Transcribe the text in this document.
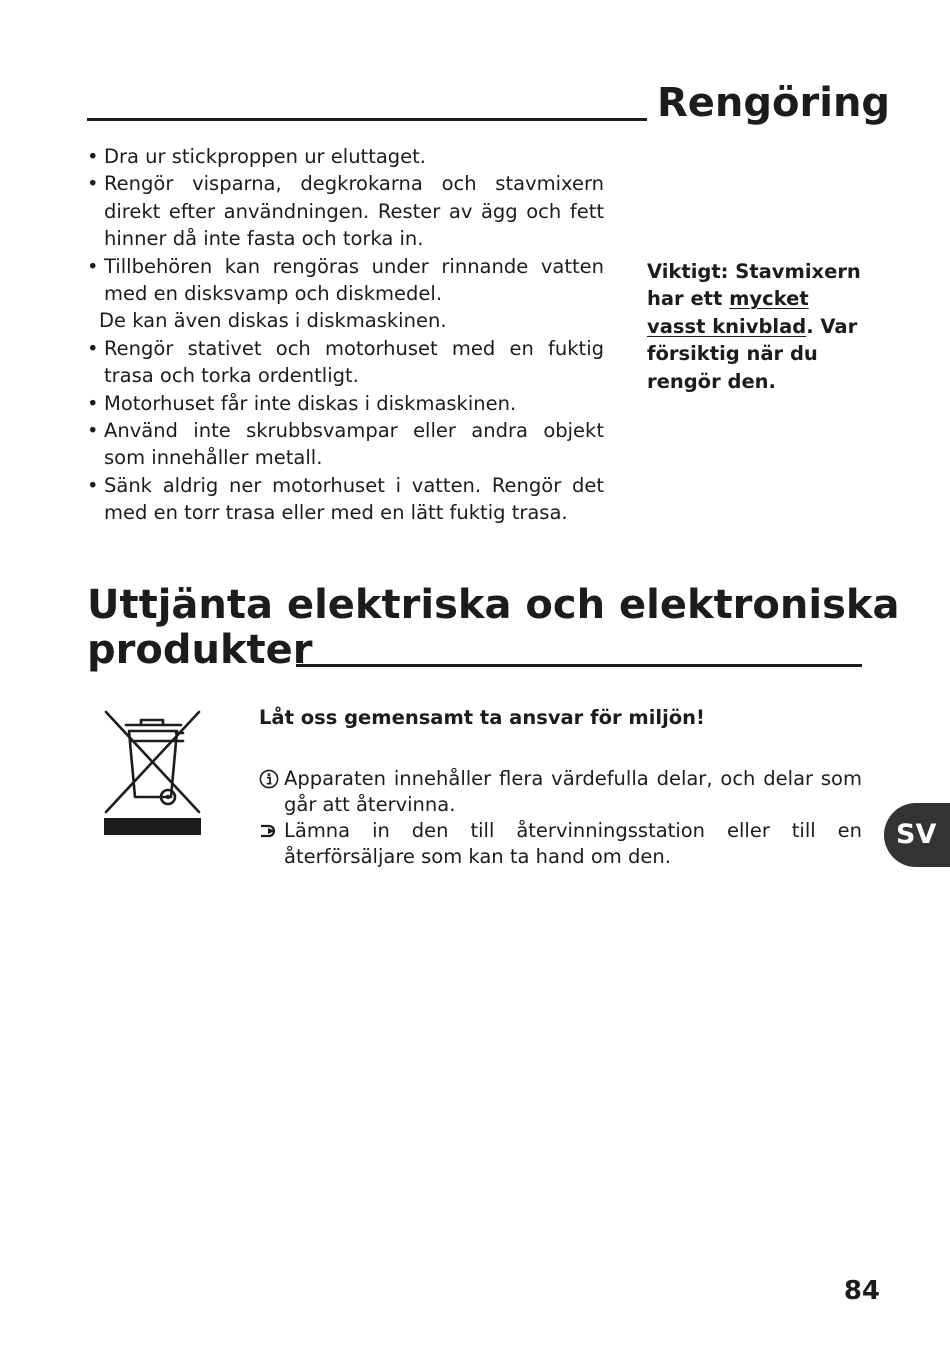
Rengöring
• Dra ur stickproppen ur eluttaget.
• Rengör visparna, degkrokarna och stavmixern direkt efter användningen. Rester av ägg och fett hinner då inte fasta och torka in.
• Tillbehören kan rengöras under rinnande vatten med en disksvamp och diskmedel.
De kan även diskas i diskmaskinen.
• Rengör stativet och motorhuset med en fuktig trasa och torka ordentligt.
• Motorhuset får inte diskas i diskmaskinen.
• Använd inte skrubbsvampar eller andra objekt som innehåller metall.
• Sänk aldrig ner motorhuset i vatten. Rengör det med en torr trasa eller med en lätt fuktig trasa.
Viktigt: Stavmixern har ett mycket vasst knivblad. Var försiktig när du rengör den.
Uttjänta elektriska och elektroniska
produkter
Låt oss gemensamt ta ansvar för miljön!
Apparaten innehåller flera värdefulla delar, och delar som går att återvinna.
Lämna in den till återvinningsstation eller till en återförsäljare som kan ta hand om den.
SV
84
